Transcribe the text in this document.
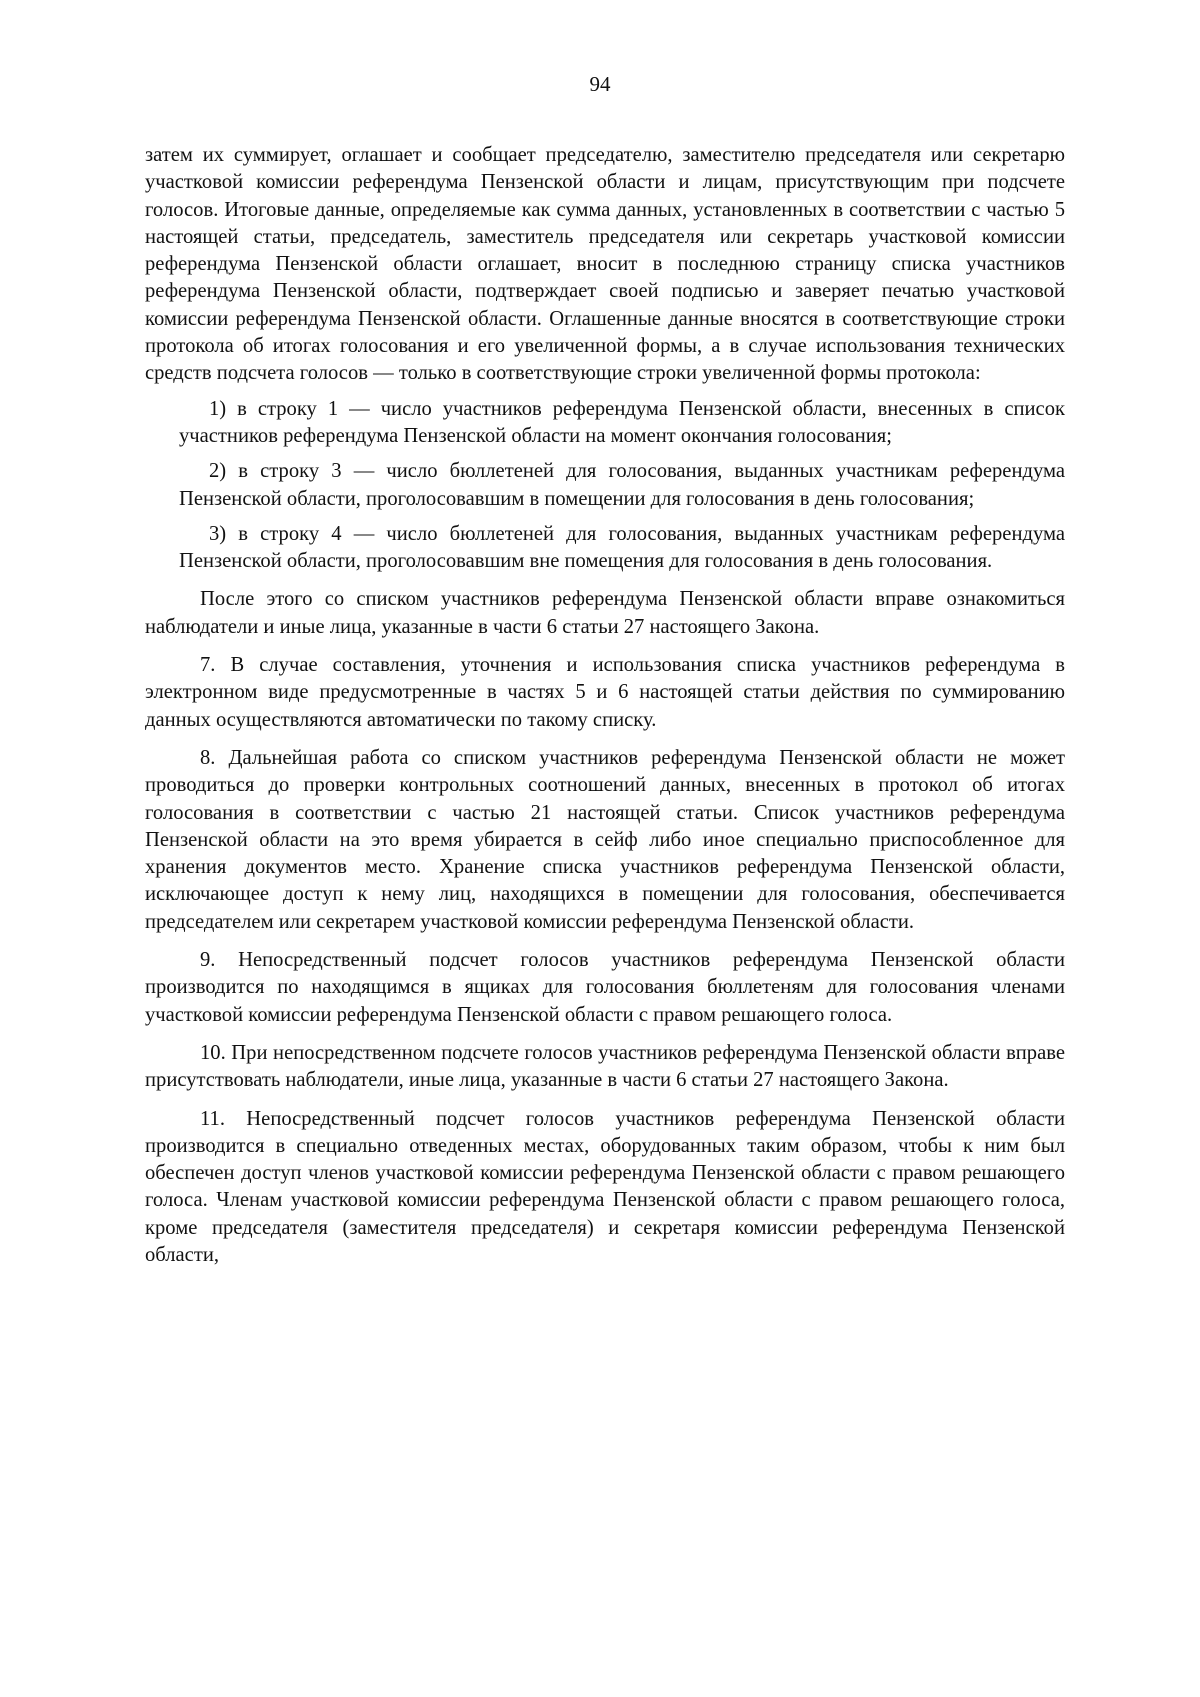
94

затем их суммирует, оглашает и сообщает председателю, заместителю председателя или секретарю участковой комиссии референдума Пензенской области и лицам, присутствующим при подсчете голосов. Итоговые данные, определяемые как сумма данных, установленных в соответствии с частью 5 настоящей статьи, председатель, заместитель председателя или секретарь участковой комиссии референдума Пензенской области оглашает, вносит в последнюю страницу списка участников референдума Пензенской области, подтверждает своей подписью и заверяет печатью участковой комиссии референдума Пензенской области. Оглашенные данные вносятся в соответствующие строки протокола об итогах голосования и его увеличенной формы, а в случае использования технических средств подсчета голосов — только в соответствующие строки увеличенной формы протокола:

1) в строку 1 — число участников референдума Пензенской области, внесенных в список участников референдума Пензенской области на момент окончания голосования;

2) в строку 3 — число бюллетеней для голосования, выданных участникам референдума Пензенской области, проголосовавшим в помещении для голосования в день голосования;

3) в строку 4 — число бюллетеней для голосования, выданных участникам референдума Пензенской области, проголосовавшим вне помещения для голосования в день голосования.

После этого со списком участников референдума Пензенской области вправе ознакомиться наблюдатели и иные лица, указанные в части 6 статьи 27 настоящего Закона.

7. В случае составления, уточнения и использования списка участников референдума в электронном виде предусмотренные в частях 5 и 6 настоящей статьи действия по суммированию данных осуществляются автоматически по такому списку.

8. Дальнейшая работа со списком участников референдума Пензенской области не может проводиться до проверки контрольных соотношений данных, внесенных в протокол об итогах голосования в соответствии с частью 21 настоящей статьи. Список участников референдума Пензенской области на это время убирается в сейф либо иное специально приспособленное для хранения документов место. Хранение списка участников референдума Пензенской области, исключающее доступ к нему лиц, находящихся в помещении для голосования, обеспечивается председателем или секретарем участковой комиссии референдума Пензенской области.

9. Непосредственный подсчет голосов участников референдума Пензенской области производится по находящимся в ящиках для голосования бюллетеням для голосования членами участковой комиссии референдума Пензенской области с правом решающего голоса.

10. При непосредственном подсчете голосов участников референдума Пензенской области вправе присутствовать наблюдатели, иные лица, указанные в части 6 статьи 27 настоящего Закона.

11. Непосредственный подсчет голосов участников референдума Пензенской области производится в специально отведенных местах, оборудованных таким образом, чтобы к ним был обеспечен доступ членов участковой комиссии референдума Пензенской области с правом решающего голоса. Членам участковой комиссии референдума Пензенской области с правом решающего голоса, кроме председателя (заместителя председателя) и секретаря комиссии референдума Пензенской области,
